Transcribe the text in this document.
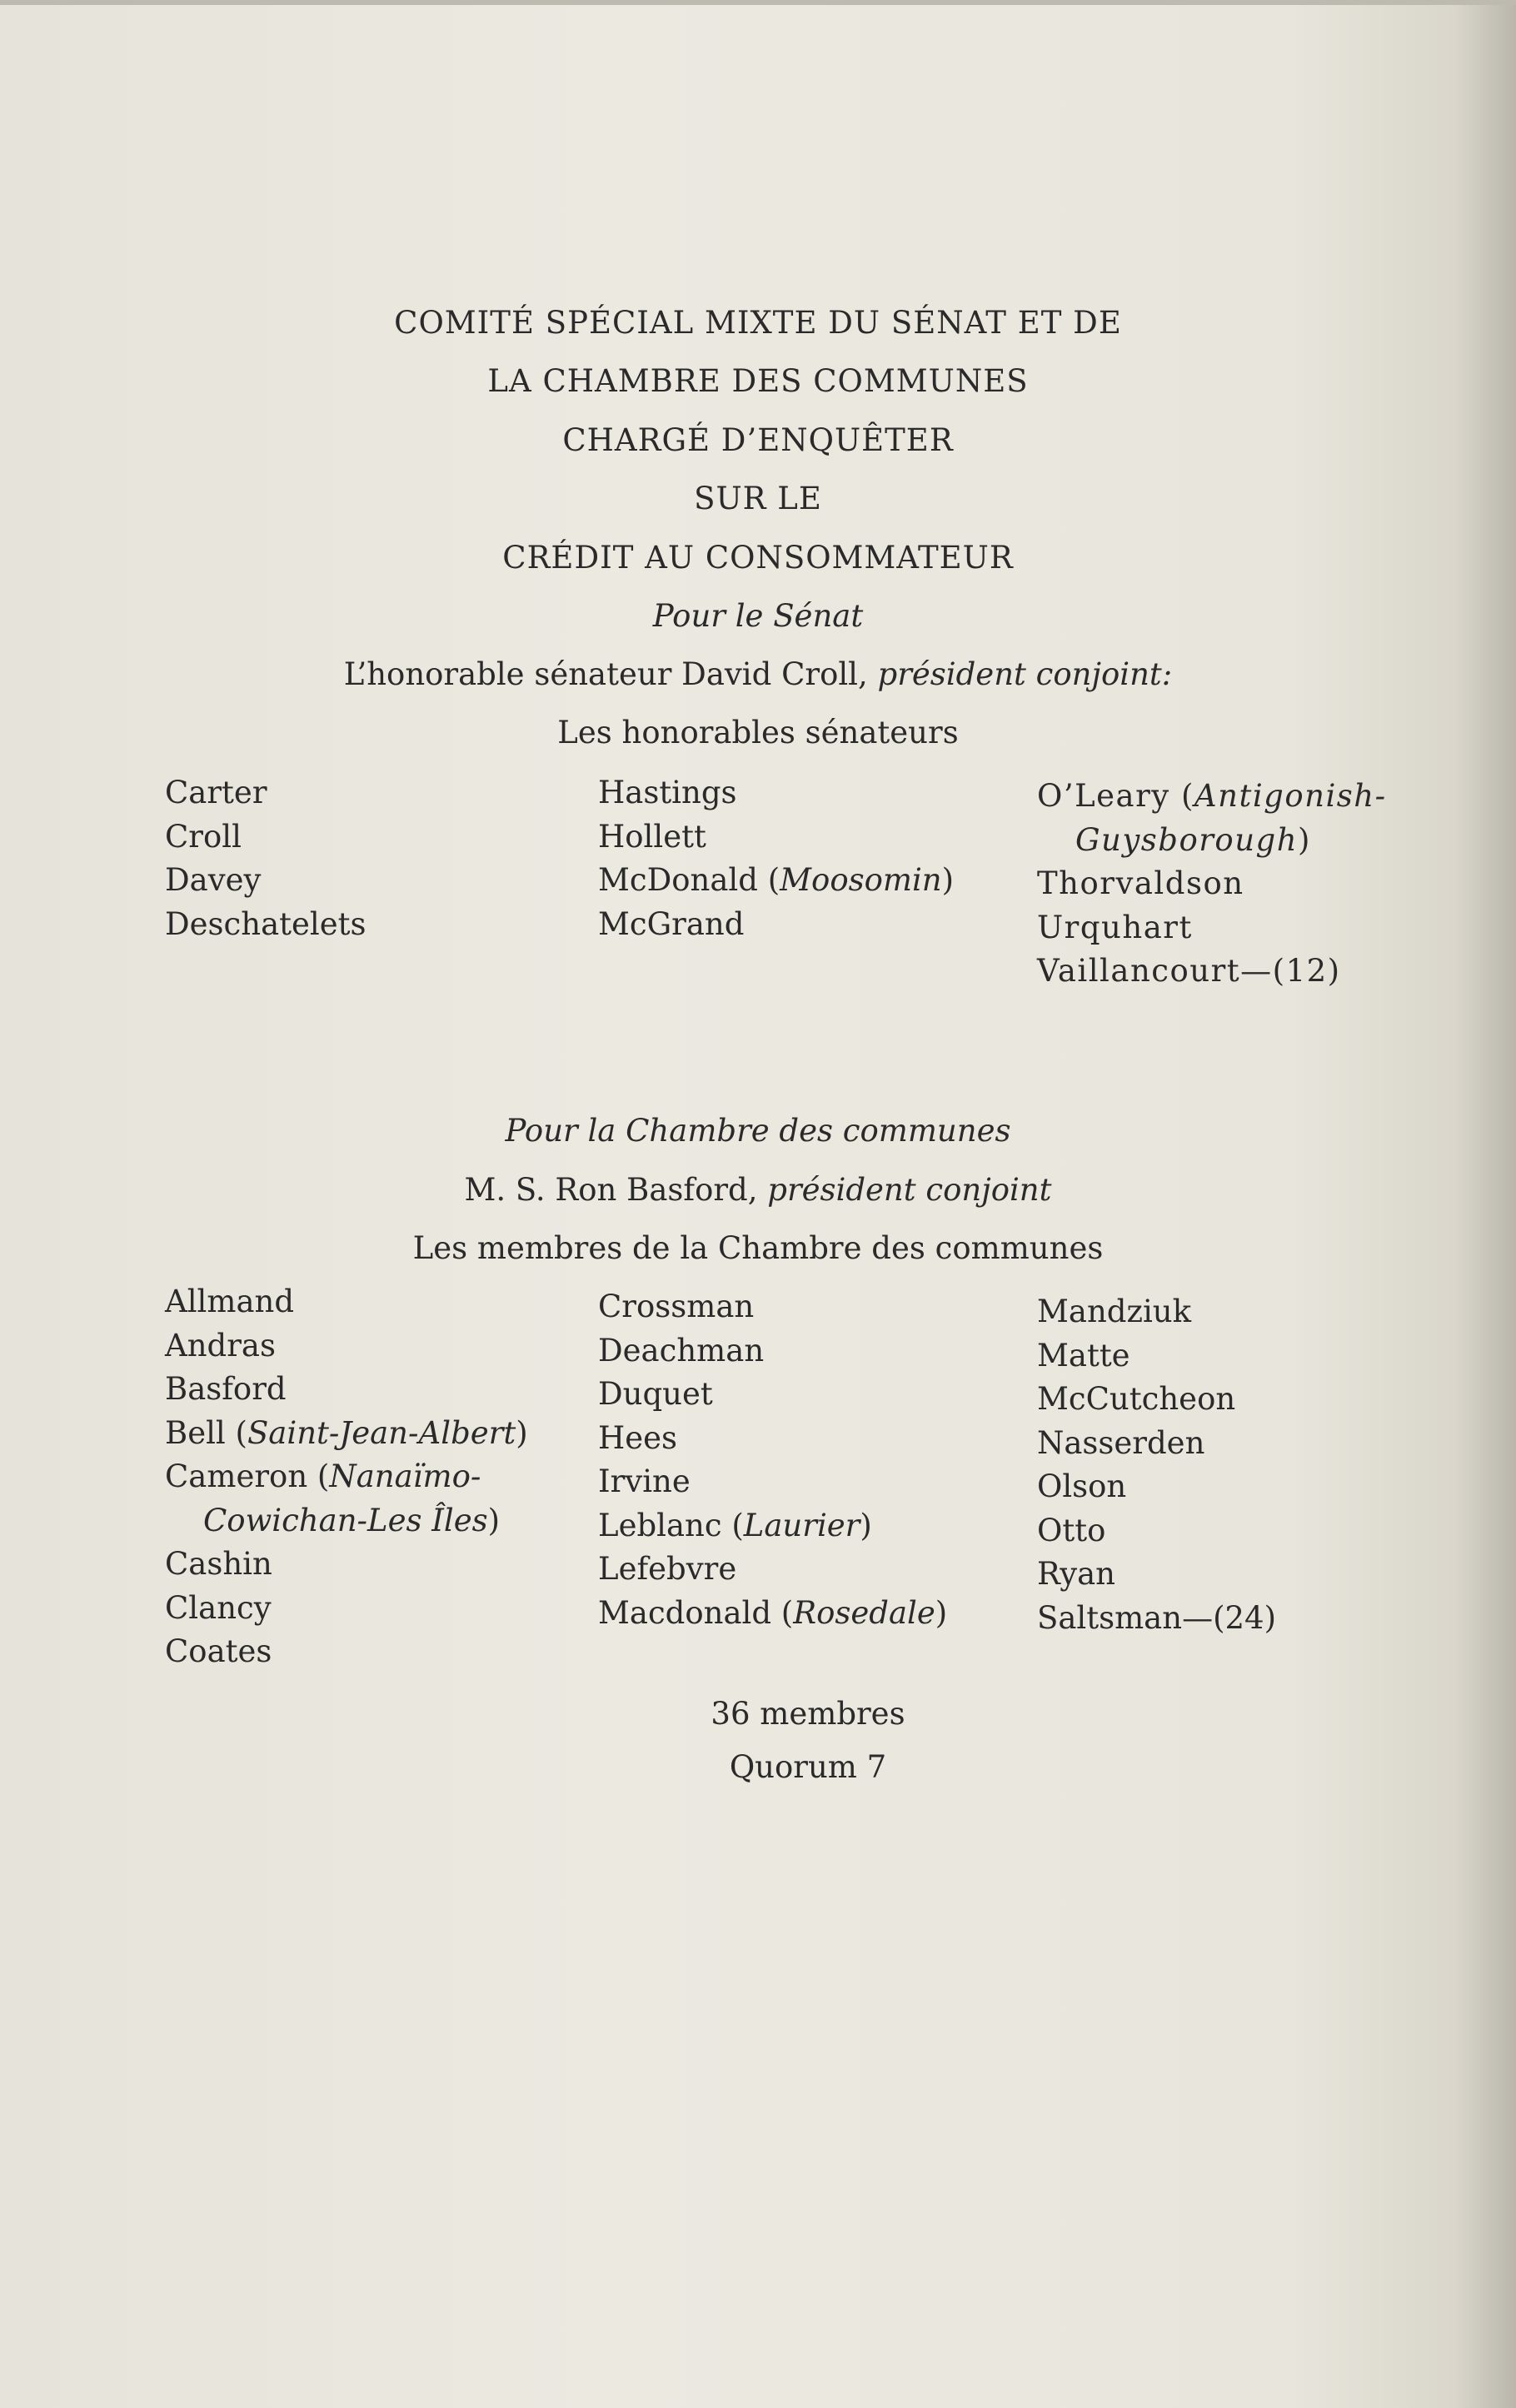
COMITÉ SPÉCIAL MIXTE DU SÉNAT ET DE
LA CHAMBRE DES COMMUNES
CHARGÉ D’ENQUÊTER
SUR LE
CRÉDIT AU CONSOMMATEUR
Pour le Sénat
L’honorable sénateur David Croll, président conjoint:
Les honorables sénateurs
Carter
Croll
Davey
Deschatelets
Hastings
Hollett
McDonald (Moosomin)
McGrand
O’Leary (Antigonish-
Guysborough)
Thorvaldson
Urquhart
Vaillancourt—(12)
Pour la Chambre des communes
M. S. Ron Basford, président conjoint
Les membres de la Chambre des communes
Allmand
Andras
Basford
Bell (Saint-Jean-Albert)
Cameron (Nanaïmo-
Cowichan-Les Îles)
Cashin
Clancy
Coates
Crossman
Deachman
Duquet
Hees
Irvine
Leblanc (Laurier)
Lefebvre
Macdonald (Rosedale)
Mandziuk
Matte
McCutcheon
Nasserden
Olson
Otto
Ryan
Saltsman—(24)
36 membres
Quorum 7
